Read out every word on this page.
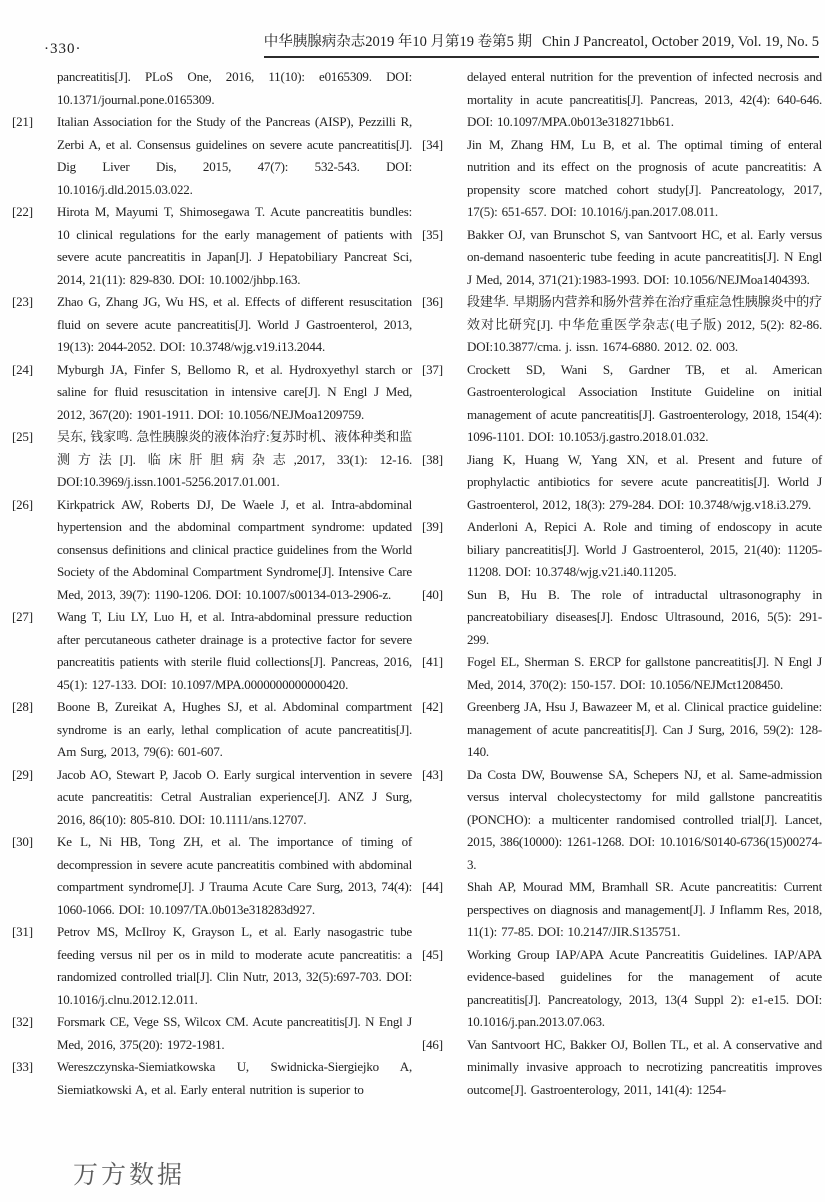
·330·	中华胰腺病杂志2019 年10 月第19 卷第5 期 Chin J Pancreatol, October 2019, Vol. 19, No. 5
pancreatitis[J]. PLoS One, 2016, 11(10): e0165309. DOI: 10.1371/journal.pone.0165309.
[21]	Italian Association for the Study of the Pancreas (AISP), Pezzilli R, Zerbi A, et al. Consensus guidelines on severe acute pancreatitis[J]. Dig Liver Dis, 2015, 47(7): 532-543. DOI: 10.1016/j.dld.2015.03.022.
[22]	Hirota M, Mayumi T, Shimosegawa T. Acute pancreatitis bundles: 10 clinical regulations for the early management of patients with severe acute pancreatitis in Japan[J]. J Hepatobiliary Pancreat Sci, 2014, 21(11): 829-830. DOI: 10.1002/jhbp.163.
[23]	Zhao G, Zhang JG, Wu HS, et al. Effects of different resuscitation fluid on severe acute pancreatitis[J]. World J Gastroenterol, 2013, 19(13): 2044-2052. DOI: 10.3748/wjg.v19.i13.2044.
[24]	Myburgh JA, Finfer S, Bellomo R, et al. Hydroxyethyl starch or saline for fluid resuscitation in intensive care[J]. N Engl J Med, 2012, 367(20): 1901-1911. DOI: 10.1056/NEJMoa1209759.
[25]	吴东, 钱家鸣. 急性胰腺炎的液体治疗:复苏时机、液体种类和监测方法[J]. 临床肝胆病杂志,2017, 33(1): 12-16. DOI:10.3969/j.issn.1001-5256.2017.01.001.
[26]	Kirkpatrick AW, Roberts DJ, De Waele J, et al. Intra-abdominal hypertension and the abdominal compartment syndrome: updated consensus definitions and clinical practice guidelines from the World Society of the Abdominal Compartment Syndrome[J]. Intensive Care Med, 2013, 39(7): 1190-1206. DOI: 10.1007/s00134-013-2906-z.
[27]	Wang T, Liu LY, Luo H, et al. Intra-abdominal pressure reduction after percutaneous catheter drainage is a protective factor for severe pancreatitis patients with sterile fluid collections[J]. Pancreas, 2016, 45(1): 127-133. DOI: 10.1097/MPA.0000000000000420.
[28]	Boone B, Zureikat A, Hughes SJ, et al. Abdominal compartment syndrome is an early, lethal complication of acute pancreatitis[J]. Am Surg, 2013, 79(6): 601-607.
[29]	Jacob AO, Stewart P, Jacob O. Early surgical intervention in severe acute pancreatitis: Cetral Australian experience[J]. ANZ J Surg, 2016, 86(10): 805-810. DOI: 10.1111/ans.12707.
[30]	Ke L, Ni HB, Tong ZH, et al. The importance of timing of decompression in severe acute pancreatitis combined with abdominal compartment syndrome[J]. J Trauma Acute Care Surg, 2013, 74(4): 1060-1066. DOI: 10.1097/TA.0b013e318283d927.
[31]	Petrov MS, McIlroy K, Grayson L, et al. Early nasogastric tube feeding versus nil per os in mild to moderate acute pancreatitis: a randomized controlled trial[J]. Clin Nutr, 2013, 32(5):697-703. DOI: 10.1016/j.clnu.2012.12.011.
[32]	Forsmark CE, Vege SS, Wilcox CM. Acute pancreatitis[J]. N Engl J Med, 2016, 375(20): 1972-1981.
[33]	Wereszczynska-Siemiatkowska U, Swidnicka-Siergiejko A, Siemiatkowski A, et al. Early enteral nutrition is superior to
delayed enteral nutrition for the prevention of infected necrosis and mortality in acute pancreatitis[J]. Pancreas, 2013, 42(4): 640-646. DOI: 10.1097/MPA.0b013e318271bb61.
[34]	Jin M, Zhang HM, Lu B, et al. The optimal timing of enteral nutrition and its effect on the prognosis of acute pancreatitis: A propensity score matched cohort study[J]. Pancreatology, 2017, 17(5): 651-657. DOI: 10.1016/j.pan.2017.08.011.
[35]	Bakker OJ, van Brunschot S, van Santvoort HC, et al. Early versus on-demand nasoenteric tube feeding in acute pancreatitis[J]. N Engl J Med, 2014, 371(21):1983-1993. DOI: 10.1056/NEJMoa1404393.
[36]	段建华. 早期肠内营养和肠外营养在治疗重症急性胰腺炎中的疗效对比研究[J]. 中华危重医学杂志(电子版) 2012, 5(2): 82-86. DOI:10.3877/cma. j. issn. 1674-6880. 2012. 02. 003.
[37]	Crockett SD, Wani S, Gardner TB, et al. American Gastroenterological Association Institute Guideline on initial management of acute pancreatitis[J]. Gastroenterology, 2018, 154(4): 1096-1101. DOI: 10.1053/j.gastro.2018.01.032.
[38]	Jiang K, Huang W, Yang XN, et al. Present and future of prophylactic antibiotics for severe acute pancreatitis[J]. World J Gastroenterol, 2012, 18(3): 279-284. DOI: 10.3748/wjg.v18.i3.279.
[39]	Anderloni A, Repici A. Role and timing of endoscopy in acute biliary pancreatitis[J]. World J Gastroenterol, 2015, 21(40): 11205-11208. DOI: 10.3748/wjg.v21.i40.11205.
[40]	Sun B, Hu B. The role of intraductal ultrasonography in pancreatobiliary diseases[J]. Endosc Ultrasound, 2016, 5(5): 291-299.
[41]	Fogel EL, Sherman S. ERCP for gallstone pancreatitis[J]. N Engl J Med, 2014, 370(2): 150-157. DOI: 10.1056/NEJMct1208450.
[42]	Greenberg JA, Hsu J, Bawazeer M, et al. Clinical practice guideline: management of acute pancreatitis[J]. Can J Surg, 2016, 59(2): 128-140.
[43]	Da Costa DW, Bouwense SA, Schepers NJ, et al. Same-admission versus interval cholecystectomy for mild gallstone pancreatitis (PONCHO): a multicenter randomised controlled trial[J]. Lancet, 2015, 386(10000): 1261-1268. DOI: 10.1016/S0140-6736(15)00274-3.
[44]	Shah AP, Mourad MM, Bramhall SR. Acute pancreatitis: Current perspectives on diagnosis and management[J]. J Inflamm Res, 2018, 11(1): 77-85. DOI: 10.2147/JIR.S135751.
[45]	Working Group IAP/APA Acute Pancreatitis Guidelines. IAP/APA evidence-based guidelines for the management of acute pancreatitis[J]. Pancreatology, 2013, 13(4 Suppl 2): e1-e15. DOI: 10.1016/j.pan.2013.07.063.
[46]	Van Santvoort HC, Bakker OJ, Bollen TL, et al. A conservative and minimally invasive approach to necrotizing pancreatitis improves outcome[J]. Gastroenterology, 2011, 141(4): 1254-
万方数据
